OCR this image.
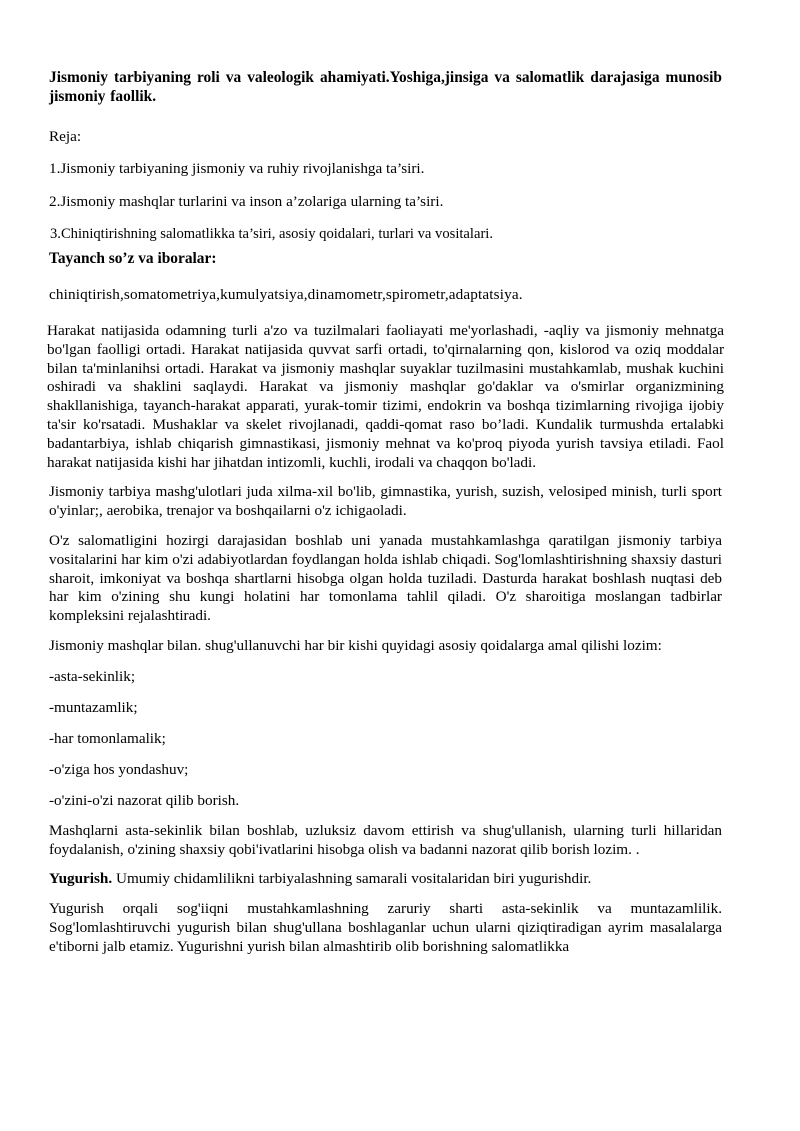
Jismoniy tarbiyaning roli va valeologik ahamiyati.Yoshiga,jinsiga va salomatlik darajasiga munosib jismoniy faollik.

Reja:

1.Jismoniy tarbiyaning jismoniy va ruhiy rivojlanishga ta’siri.

2.Jismoniy mashqlar turlarini va inson a’zolariga ularning ta’siri.

3.Chiniqtirishning salomatlikka ta’siri, asosiy qoidalari, turlari va vositalari.

Tayanch so’z va iboralar:

chiniqtirish,somatometriya,kumulyatsiya,dinamometr,spirometr,adaptatsiya.

Harakat natijasida odamning turli a'zo va tuzilmalari faoliayati me'yorlashadi, -aqliy va jismoniy mehnatga bo'lgan faolligi ortadi. Harakat natijasida quvvat sarfi ortadi, to'qirnalarning qon, kislorod va oziq moddalar bilan ta'minlanihsi ortadi. Harakat va jismoniy mashqlar suyaklar tuzilmasini mustahkamlab, mushak kuchini oshiradi va shaklini saqlaydi. Harakat va jismoniy mashqlar go'daklar va o'smirlar organizmining shakllanishiga, tayanch-harakat apparati, yurak-tomir tizimi, endokrin va boshqa tizimlarning rivojiga ijobiy ta'sir ko'rsatadi. Mushaklar va skelet rivojlanadi, qaddi-qomat raso bo’ladi. Kundalik turmushda ertalabki badantarbiya, ishlab chiqarish gimnastikasi, jismoniy mehnat va ko'proq piyoda yurish tavsiya etiladi. Faol harakat natijasida kishi har jihatdan intizomli, kuchli, irodali va chaqqon bo'ladi.

Jismoniy tarbiya mashg'ulotlari juda xilma-xil bo'lib, gimnastika, yurish, suzish, velosiped minish, turli sport o'yinlar;, aerobika, trenajor va boshqailarni o'z ichigaoladi.

O'z salomatligini hozirgi darajasidan boshlab uni yanada mustahkamlashga qaratilgan jismoniy tarbiya vositalarini har kim o'zi adabiyotlardan foydlangan holda ishlab chiqadi. Sog'lomlashtirishning shaxsiy dasturi sharoit, imkoniyat va boshqa shartlarni hisobga olgan holda tuziladi. Dasturda harakat boshlash nuqtasi deb har kim o'zining shu kungi holatini har tomonlama tahlil qiladi. O'z sharoitiga moslangan tadbirlar kompleksini rejalashtiradi.

Jismoniy mashqlar bilan. shug'ullanuvchi har bir kishi quyidagi asosiy qoidalarga amal qilishi lozim:

-asta-sekinlik;

-muntazamlik;

-har tomonlamalik;

-o'ziga hos yondashuv;

-o'zini-o'zi nazorat qilib borish.

Mashqlarni asta-sekinlik bilan boshlab, uzluksiz davom ettirish va shug'ullanish, ularning turli hillaridan foydalanish, o'zining shaxsiy qobi'ivatlarini hisobga olish va badanni nazorat qilib borish lozim. .

Yugurish. Umumiy chidamlilikni tarbiyalashning samarali vositalaridan biri yugurishdir.

Yugurish orqali sog'iiqni mustahkamlashning zaruriy sharti asta-sekinlik va muntazamlilik. Sog'lomlashtiruvchi yugurish bilan shug'ullana boshlaganlar uchun ularni qiziqtiradigan ayrim masalalarga e'tiborni jalb etamiz. Yugurishni yurish bilan almashtirib olib borishning salomatlikka
